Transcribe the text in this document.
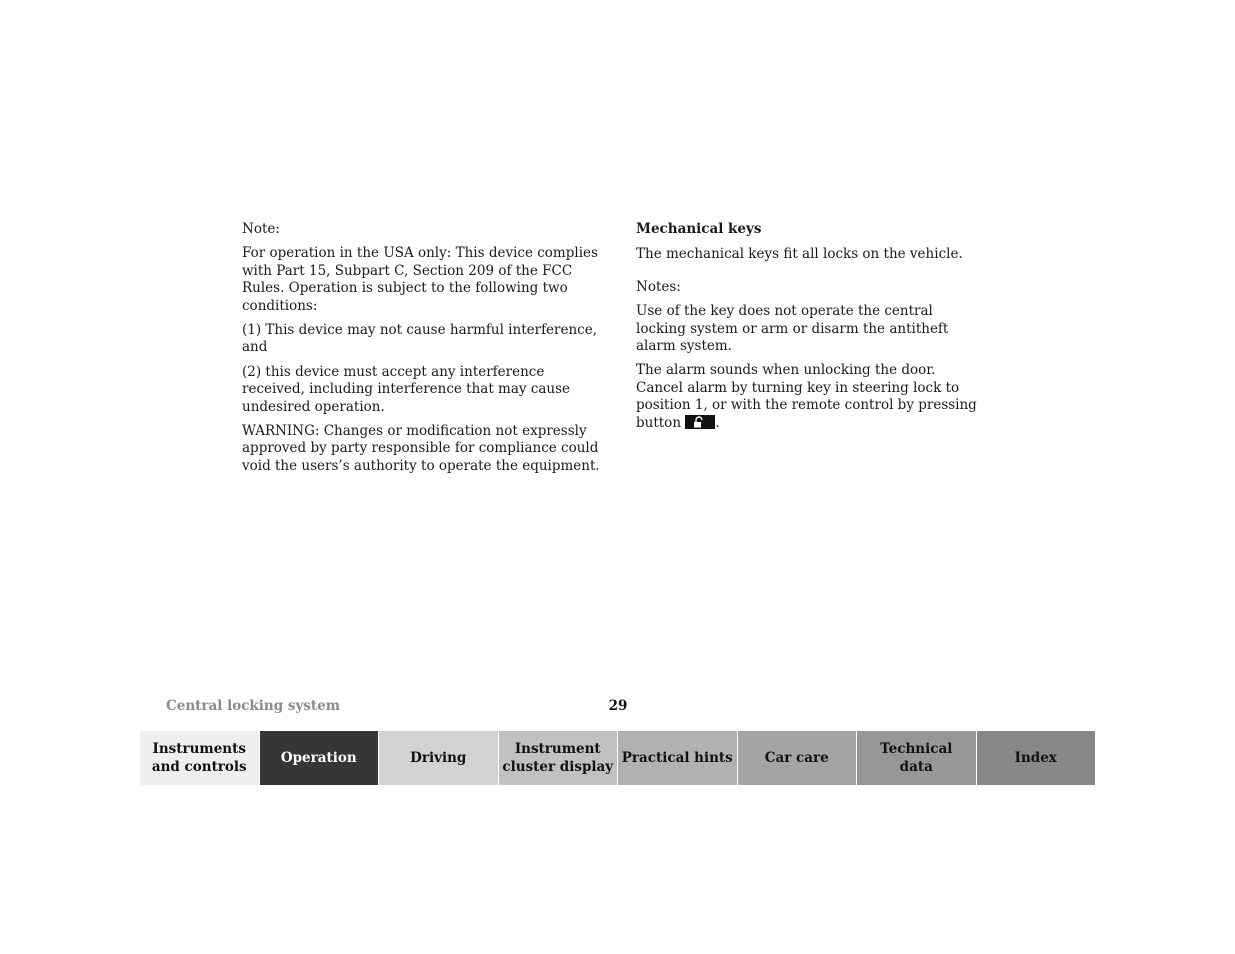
Note:

For operation in the USA only: This device complies with Part 15, Subpart C, Section 209 of the FCC Rules. Operation is subject to the following two conditions:

(1) This device may not cause harmful interference, and

(2) this device must accept any interference received, including interference that may cause undesired operation.

WARNING: Changes or modification not expressly approved by party responsible for compliance could void the users’s authority to operate the equipment.

Mechanical keys

The mechanical keys fit all locks on the vehicle.

Notes:

Use of the key does not operate the central locking system or arm or disarm the antitheft alarm system.

The alarm sounds when unlocking the door. Cancel alarm by turning key in steering lock to position 1, or with the remote control by pressing button	.

Central locking system	29
Instruments
and controls
Operation	Driving
Instrument
cluster display
Practical hints	Car care
Technical
data
Index
